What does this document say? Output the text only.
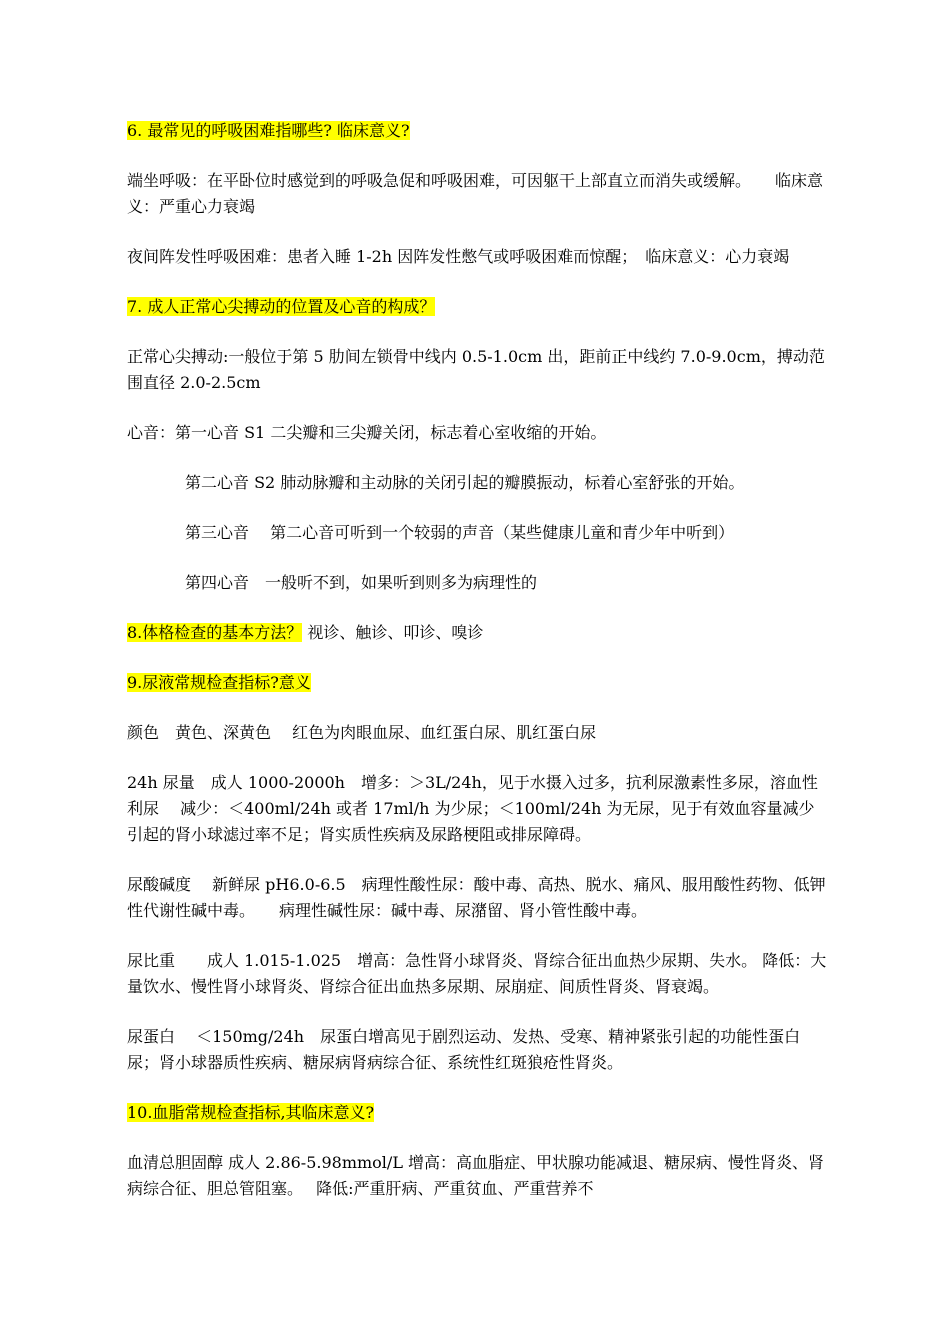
6. 最常见的呼吸困难指哪些? 临床意义?

端坐呼吸：在平卧位时感觉到的呼吸急促和呼吸困难，可因躯干上部直立而消失或缓解。　　临床意义：严重心力衰竭

夜间阵发性呼吸困难：患者入睡 1-2h 因阵发性憋气或呼吸困难而惊醒；　临床意义：心力衰竭

7. 成人正常心尖搏动的位置及心音的构成？

正常心尖搏动:一般位于第 5 肋间左锁骨中线内 0.5-1.0cm 出，距前正中线约 7.0-9.0cm，搏动范围直径 2.0-2.5cm

心音：第一心音 S1 二尖瓣和三尖瓣关闭，标志着心室收缩的开始。

第二心音 S2 肺动脉瓣和主动脉的关闭引起的瓣膜振动，标着心室舒张的开始。

第三心音　 第二心音可听到一个较弱的声音（某些健康儿童和青少年中听到）

第四心音　一般听不到，如果听到则多为病理性的

8.体格检查的基本方法？ 视诊、触诊、叩诊、嗅诊

9.尿液常规检查指标?意义

颜色　黄色、深黄色　 红色为肉眼血尿、血红蛋白尿、肌红蛋白尿

24h 尿量　成人 1000-2000h　增多：＞3L/24h，见于水摄入过多，抗利尿激素性多尿，溶血性利尿　 减少：＜400ml/24h 或者 17ml/h 为少尿；＜100ml/24h 为无尿，见于有效血容量减少引起的肾小球滤过率不足；肾实质性疾病及尿路梗阻或排尿障碍。

尿酸碱度　 新鲜尿 pH6.0-6.5　病理性酸性尿：酸中毒、高热、脱水、痛风、服用酸性药物、低钾性代谢性碱中毒。　　病理性碱性尿：碱中毒、尿潴留、肾小管性酸中毒。

尿比重　　成人 1.015-1.025　增高：急性肾小球肾炎、肾综合征出血热少尿期、失水。 降低：大量饮水、慢性肾小球肾炎、肾综合征出血热多尿期、尿崩症、间质性肾炎、肾衰竭。

尿蛋白　 ＜150mg/24h　尿蛋白增高见于剧烈运动、发热、受寒、精神紧张引起的功能性蛋白尿；肾小球器质性疾病、糖尿病肾病综合征、系统性红斑狼疮性肾炎。

10.血脂常规检查指标,其临床意义?

血清总胆固醇 成人 2.86-5.98mmol/L 增高：高血脂症、甲状腺功能减退、糖尿病、慢性肾炎、肾病综合征、胆总管阻塞。　 降低:严重肝病、严重贫血、严重营养不
